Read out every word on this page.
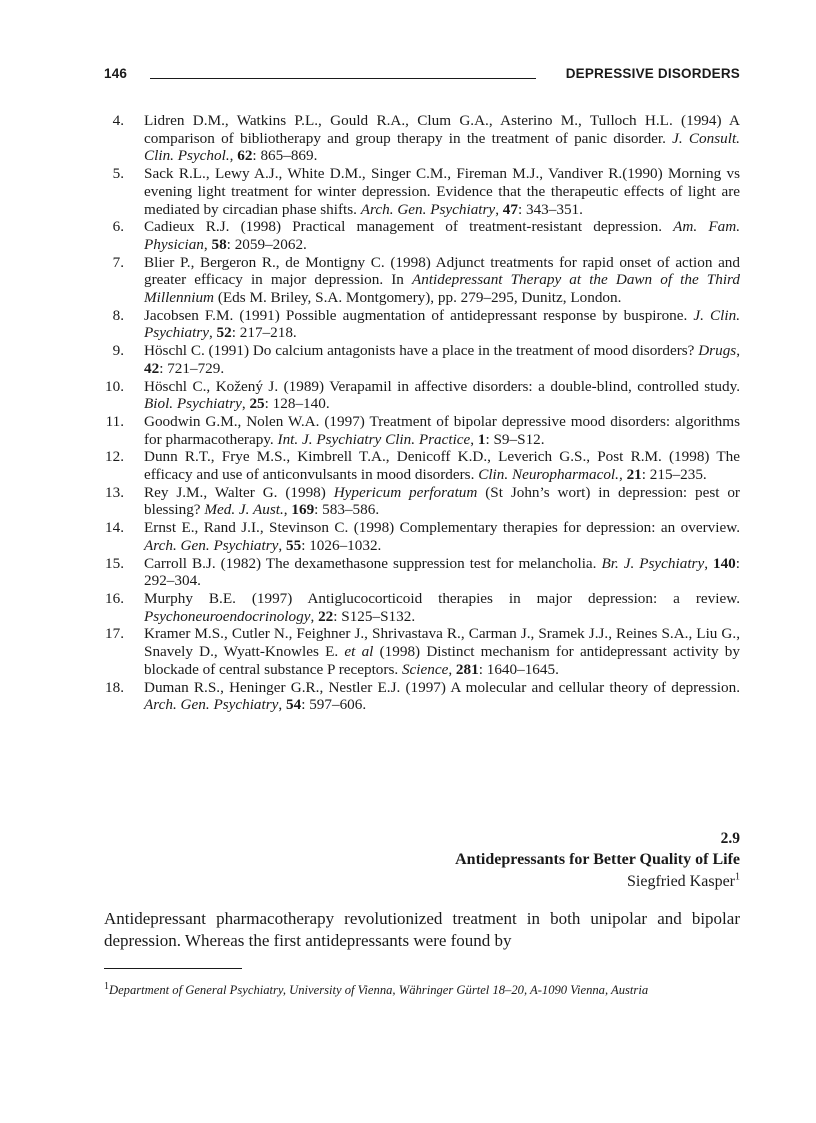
146	DEPRESSIVE DISORDERS
4. Lidren D.M., Watkins P.L., Gould R.A., Clum G.A., Asterino M., Tulloch H.L. (1994) A comparison of bibliotherapy and group therapy in the treatment of panic disorder. J. Consult. Clin. Psychol., 62: 865–869.
5. Sack R.L., Lewy A.J., White D.M., Singer C.M., Fireman M.J., Vandiver R.(1990) Morning vs evening light treatment for winter depression. Evidence that the therapeutic effects of light are mediated by circadian phase shifts. Arch. Gen. Psychiatry, 47: 343–351.
6. Cadieux R.J. (1998) Practical management of treatment-resistant depression. Am. Fam. Physician, 58: 2059–2062.
7. Blier P., Bergeron R., de Montigny C. (1998) Adjunct treatments for rapid onset of action and greater efficacy in major depression. In Antidepressant Therapy at the Dawn of the Third Millennium (Eds M. Briley, S.A. Montgomery), pp. 279–295, Dunitz, London.
8. Jacobsen F.M. (1991) Possible augmentation of antidepressant response by buspirone. J. Clin. Psychiatry, 52: 217–218.
9. Höschl C. (1991) Do calcium antagonists have a place in the treatment of mood disorders? Drugs, 42: 721–729.
10. Höschl C., Kožený J. (1989) Verapamil in affective disorders: a double-blind, controlled study. Biol. Psychiatry, 25: 128–140.
11. Goodwin G.M., Nolen W.A. (1997) Treatment of bipolar depressive mood disorders: algorithms for pharmacotherapy. Int. J. Psychiatry Clin. Practice, 1: S9–S12.
12. Dunn R.T., Frye M.S., Kimbrell T.A., Denicoff K.D., Leverich G.S., Post R.M. (1998) The efficacy and use of anticonvulsants in mood disorders. Clin. Neuropharmacol., 21: 215–235.
13. Rey J.M., Walter G. (1998) Hypericum perforatum (St John’s wort) in depression: pest or blessing? Med. J. Aust., 169: 583–586.
14. Ernst E., Rand J.I., Stevinson C. (1998) Complementary therapies for depression: an overview. Arch. Gen. Psychiatry, 55: 1026–1032.
15. Carroll B.J. (1982) The dexamethasone suppression test for melancholia. Br. J. Psychiatry, 140: 292–304.
16. Murphy B.E. (1997) Antiglucocorticoid therapies in major depression: a review. Psychoneuroendocrinology, 22: S125–S132.
17. Kramer M.S., Cutler N., Feighner J., Shrivastava R., Carman J., Sramek J.J., Reines S.A., Liu G., Snavely D., Wyatt-Knowles E. et al (1998) Distinct mechanism for antidepressant activity by blockade of central substance P receptors. Science, 281: 1640–1645.
18. Duman R.S., Heninger G.R., Nestler E.J. (1997) A molecular and cellular theory of depression. Arch. Gen. Psychiatry, 54: 597–606.
2.9
Antidepressants for Better Quality of Life
Siegfried Kasper$^1$

Antidepressant pharmacotherapy revolutionized treatment in both unipolar and bipolar depression. Whereas the first antidepressants were found by

$^1$Department of General Psychiatry, University of Vienna, Währinger Gürtel 18–20, A-1090 Vienna, Austria
